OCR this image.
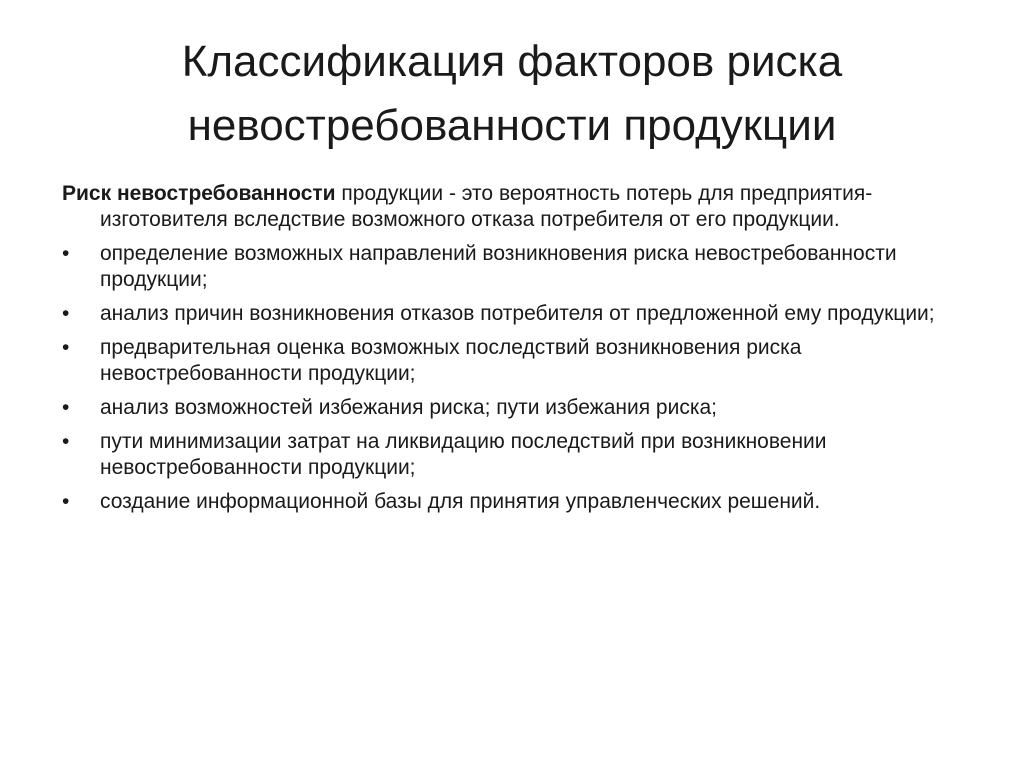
Классификация факторов риска
невостребованности продукции

Риск невостребованности продукции - это вероятность потерь для предприятия-изготовителя вследствие возможного отказа потребителя от его продукции.

•	определение возможных направлений возникновения риска невостребованности продукции;
•	анализ причин возникновения отказов потребителя от предложенной ему продукции;
•	предварительная оценка возможных последствий возникновения риска невостребованности продукции;
•	анализ возможностей избежания риска; пути избежания риска;
•	пути минимизации затрат на ликвидацию последствий при возникновении невостребованности продукции;
•	создание информационной базы для принятия управленческих решений.
